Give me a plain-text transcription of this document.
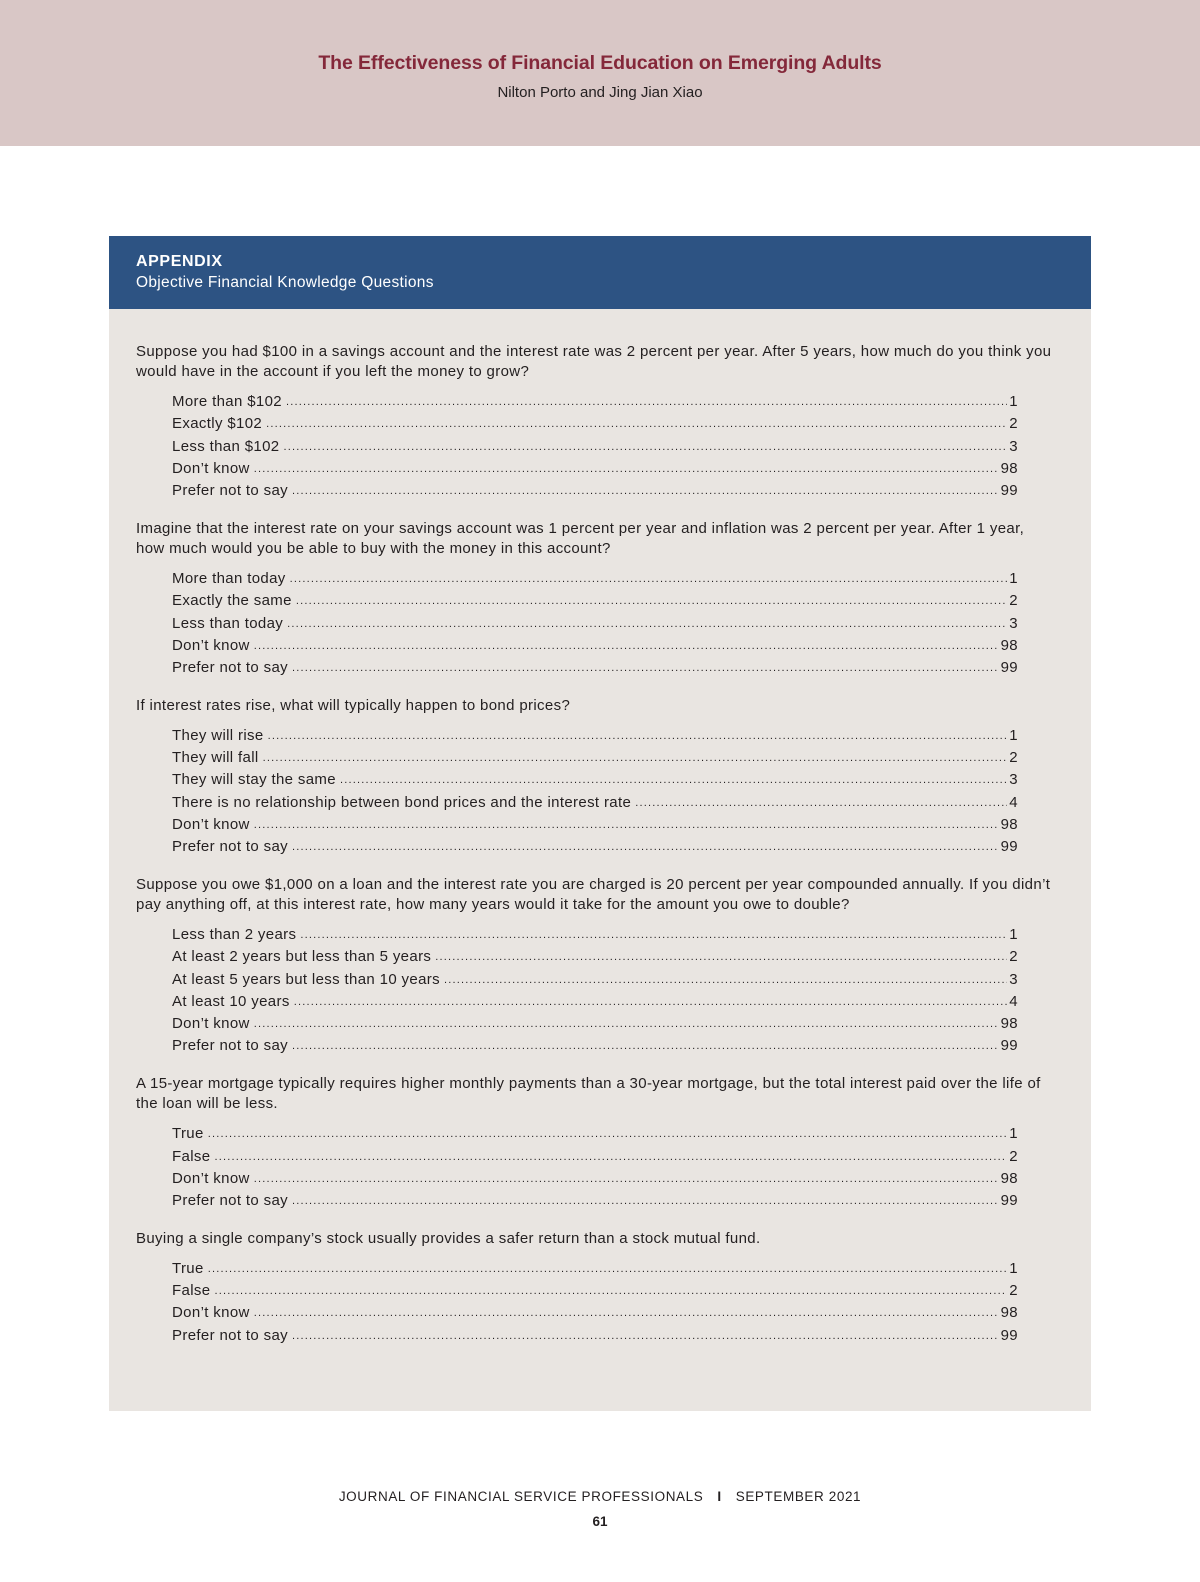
The Effectiveness of Financial Education on Emerging Adults
Nilton Porto and Jing Jian Xiao
APPENDIX
Objective Financial Knowledge Questions
Suppose you had $100 in a savings account and the interest rate was 2 percent per year. After 5 years, how much do you think you would have in the account if you left the money to grow?
More than $102 .....	1
Exactly $102 .....	2
Less than $102 .....	3
Don’t know .....	98
Prefer not to say .....	99
Imagine that the interest rate on your savings account was 1 percent per year and inflation was 2 percent per year. After 1 year, how much would you be able to buy with the money in this account?
More than today .....	1
Exactly the same .....	2
Less than today .....	3
Don’t know .....	98
Prefer not to say .....	99
If interest rates rise, what will typically happen to bond prices?
They will rise .....	1
They will fall .....	2
They will stay the same .....	3
There is no relationship between bond prices and the interest rate .....	4
Don’t know .....	98
Prefer not to say .....	99
Suppose you owe $1,000 on a loan and the interest rate you are charged is 20 percent per year compounded annually. If you didn’t pay anything off, at this interest rate, how many years would it take for the amount you owe to double?
Less than 2 years .....	1
At least 2 years but less than 5 years .....	2
At least 5 years but less than 10 years .....	3
At least 10 years .....	4
Don’t know .....	98
Prefer not to say .....	99
A 15-year mortgage typically requires higher monthly payments than a 30-year mortgage, but the total interest paid over the life of the loan will be less.
True .....	1
False .....	2
Don’t know .....	98
Prefer not to say .....	99
Buying a single company’s stock usually provides a safer return than a stock mutual fund.
True .....	1
False .....	2
Don’t know .....	98
Prefer not to say .....	99
JOURNAL OF FINANCIAL SERVICE PROFESSIONALS I SEPTEMBER 2021
61
